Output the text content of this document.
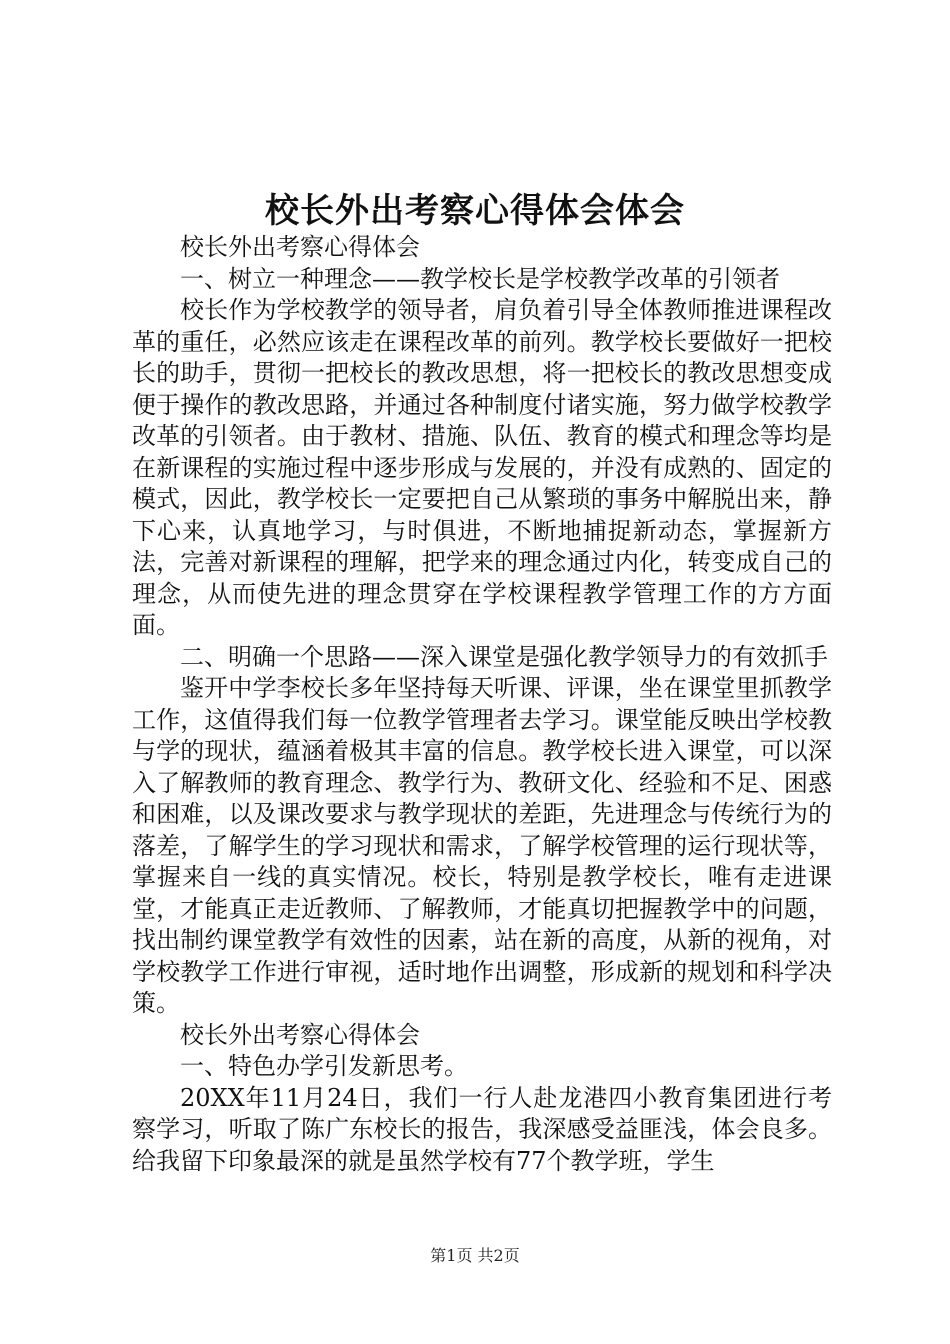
校长外出考察心得体会体会

校长外出考察心得体会

一、树立一种理念——教学校长是学校教学改革的引领者

校长作为学校教学的领导者，肩负着引导全体教师推进课程改革的重任，必然应该走在课程改革的前列。教学校长要做好一把校长的助手，贯彻一把校长的教改思想，将一把校长的教改思想变成便于操作的教改思路，并通过各种制度付诸实施，努力做学校教学改革的引领者。由于教材、措施、队伍、教育的模式和理念等均是在新课程的实施过程中逐步形成与发展的，并没有成熟的、固定的模式，因此，教学校长一定要把自己从繁琐的事务中解脱出来，静下心来，认真地学习，与时俱进，不断地捕捉新动态，掌握新方法，完善对新课程的理解，把学来的理念通过内化，转变成自己的理念，从而使先进的理念贯穿在学校课程教学管理工作的方方面面。

二、明确一个思路——深入课堂是强化教学领导力的有效抓手

鉴开中学李校长多年坚持每天听课、评课，坐在课堂里抓教学工作，这值得我们每一位教学管理者去学习。课堂能反映出学校教与学的现状，蕴涵着极其丰富的信息。教学校长进入课堂，可以深入了解教师的教育理念、教学行为、教研文化、经验和不足、困惑和困难，以及课改要求与教学现状的差距，先进理念与传统行为的落差，了解学生的学习现状和需求，了解学校管理的运行现状等，掌握来自一线的真实情况。校长，特别是教学校长，唯有走进课堂，才能真正走近教师、了解教师，才能真切把握教学中的问题，找出制约课堂教学有效性的因素，站在新的高度，从新的视角，对学校教学工作进行审视，适时地作出调整，形成新的规划和科学决策。

校长外出考察心得体会

一、特色办学引发新思考。

20XX年11月24日，我们一行人赴龙港四小教育集团进行考察学习，听取了陈广东校长的报告，我深感受益匪浅，体会良多。给我留下印象最深的就是虽然学校有77个教学班，学生

第1页 共2页
